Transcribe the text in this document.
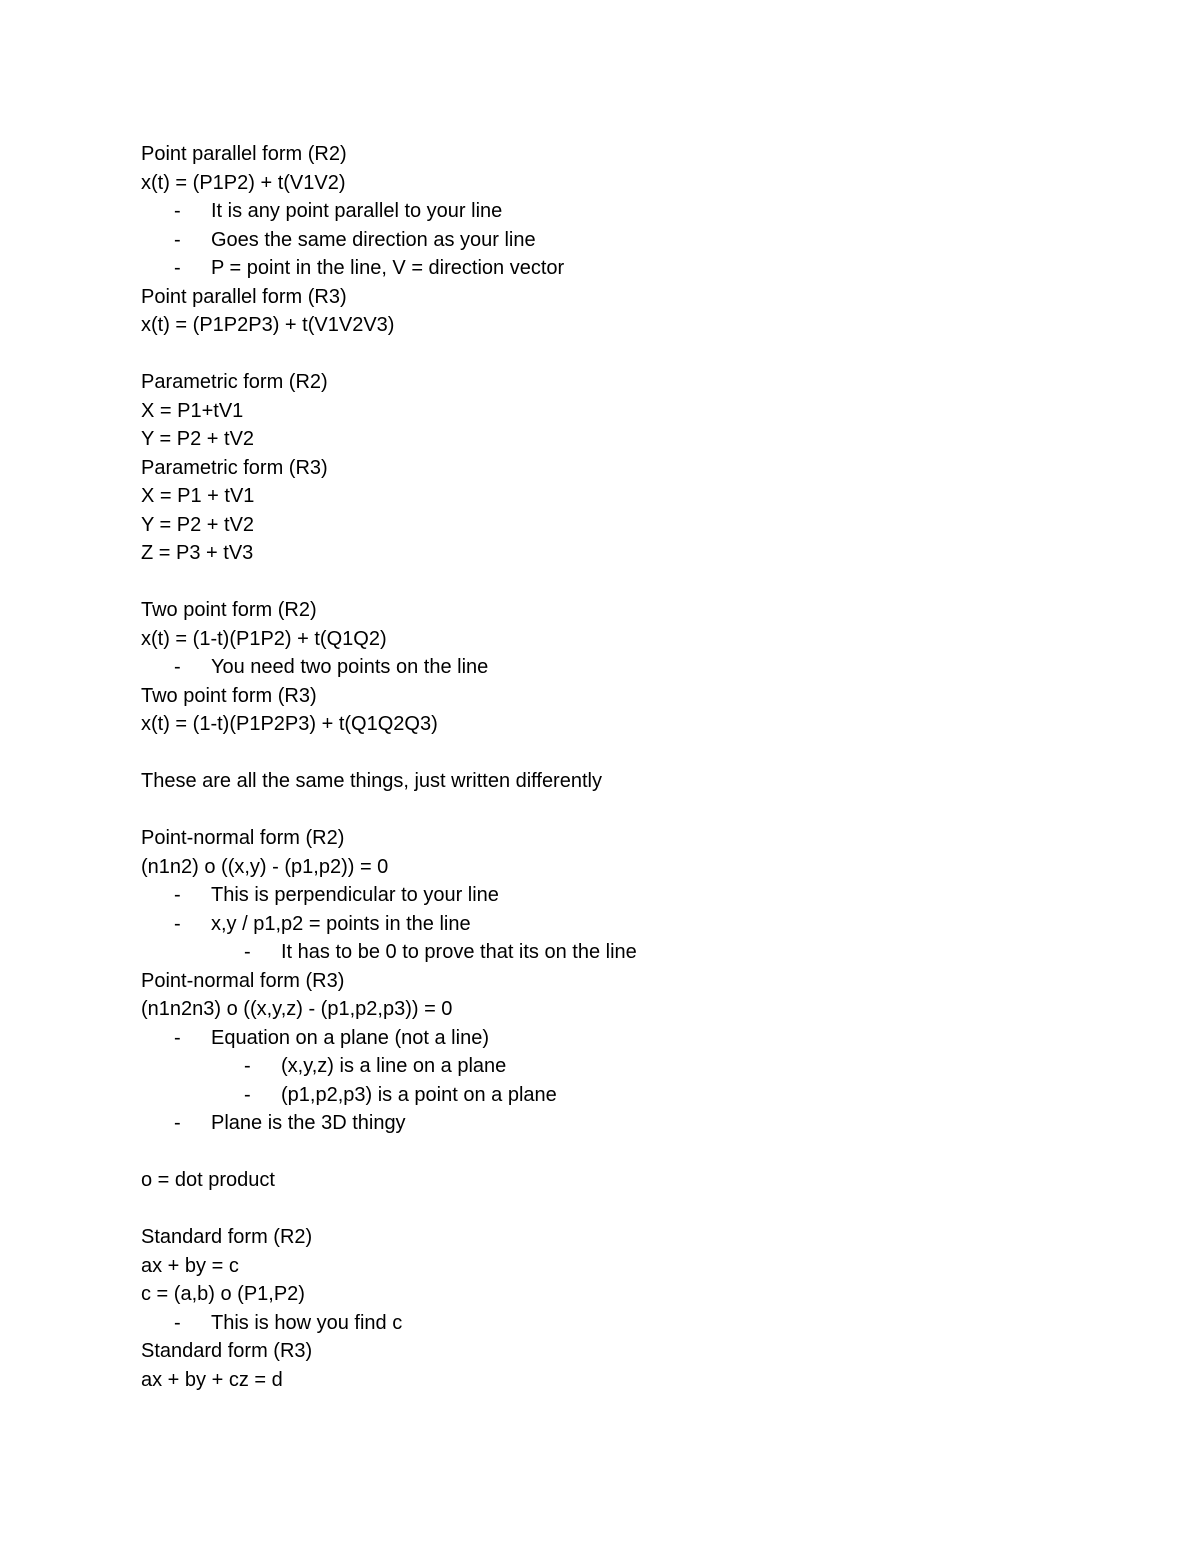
Point parallel form (R2)
x(t) = (P1P2) + t(V1V2)
-	It is any point parallel to your line
-	Goes the same direction as your line
-	P = point in the line, V = direction vector
Point parallel form (R3)
x(t) = (P1P2P3) + t(V1V2V3)
Parametric form (R2)
X = P1+tV1
Y = P2 + tV2
Parametric form (R3)
X = P1 + tV1
Y = P2 + tV2
Z = P3 + tV3
Two point form (R2)
x(t) = (1-t)(P1P2) + t(Q1Q2)
-	You need two points on the line
Two point form (R3)
x(t) = (1-t)(P1P2P3) + t(Q1Q2Q3)
These are all the same things, just written differently
Point-normal form (R2)
(n1n2) o ((x,y) - (p1,p2)) = 0
-	This is perpendicular to your line
-	x,y / p1,p2 = points in the line
-	It has to be 0 to prove that its on the line
Point-normal form (R3)
(n1n2n3) o ((x,y,z) - (p1,p2,p3)) = 0
-	Equation on a plane (not a line)
-	(x,y,z) is a line on a plane
-	(p1,p2,p3) is a point on a plane
-	Plane is the 3D thingy
o = dot product
Standard form (R2)
ax + by = c
c = (a,b) o (P1,P2)
-	This is how you find c
Standard form (R3)
ax + by + cz = d
